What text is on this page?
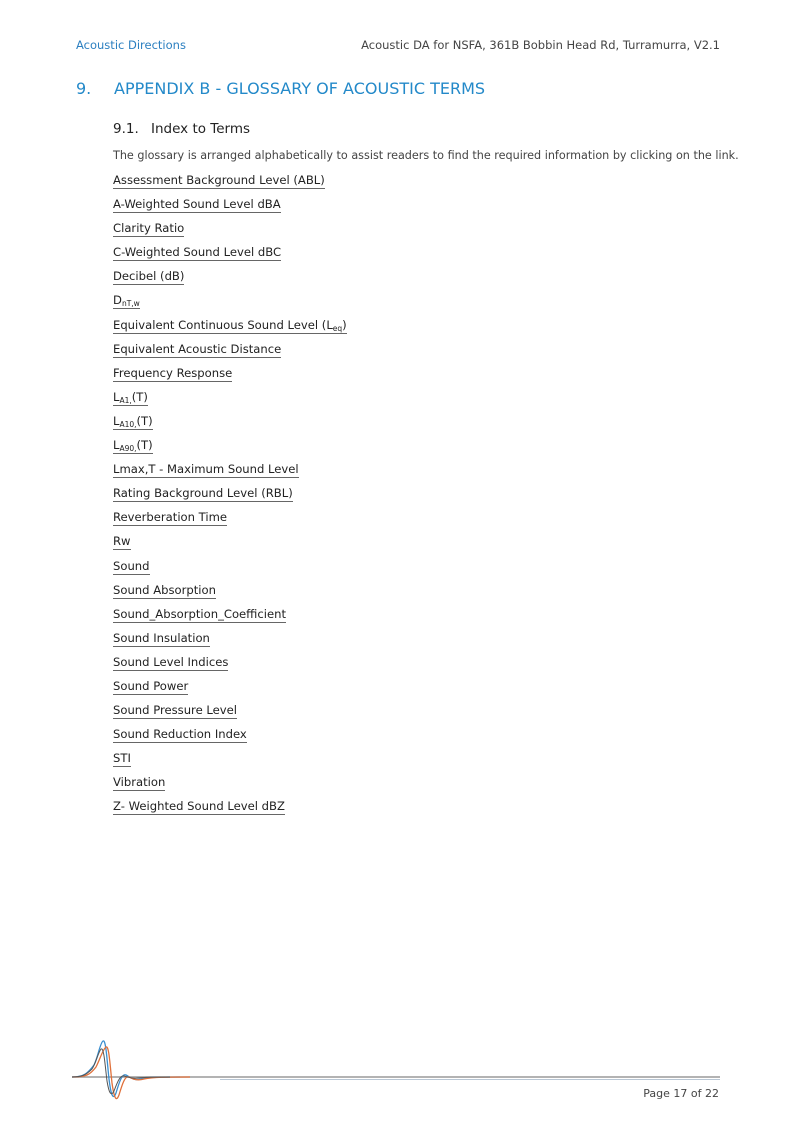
Acoustic Directions	Acoustic DA for NSFA, 361B Bobbin Head Rd, Turramurra, V2.1
9. APPENDIX B - GLOSSARY OF ACOUSTIC TERMS
9.1. Index to Terms
The glossary is arranged alphabetically to assist readers to find the required information by clicking on the link.
Assessment Background Level (ABL)
A-Weighted Sound Level dBA
Clarity Ratio
C-Weighted Sound Level dBC
Decibel (dB)
$D_{nT,w}$
Equivalent Continuous Sound Level $(L_{eq})$
Equivalent Acoustic Distance
Frequency Response
$L_{A1,}(T)$
$L_{A10,}(T)$
$L_{A90,}(T)$
Lmax,T - Maximum Sound Level
Rating Background Level (RBL)
Reverberation Time
Rw
Sound
Sound Absorption
Sound_Absorption_Coefficient
Sound Insulation
Sound Level Indices
Sound Power
Sound Pressure Level
Sound Reduction Index
STI
Vibration
Z- Weighted Sound Level dBZ
Page 17 of 22
